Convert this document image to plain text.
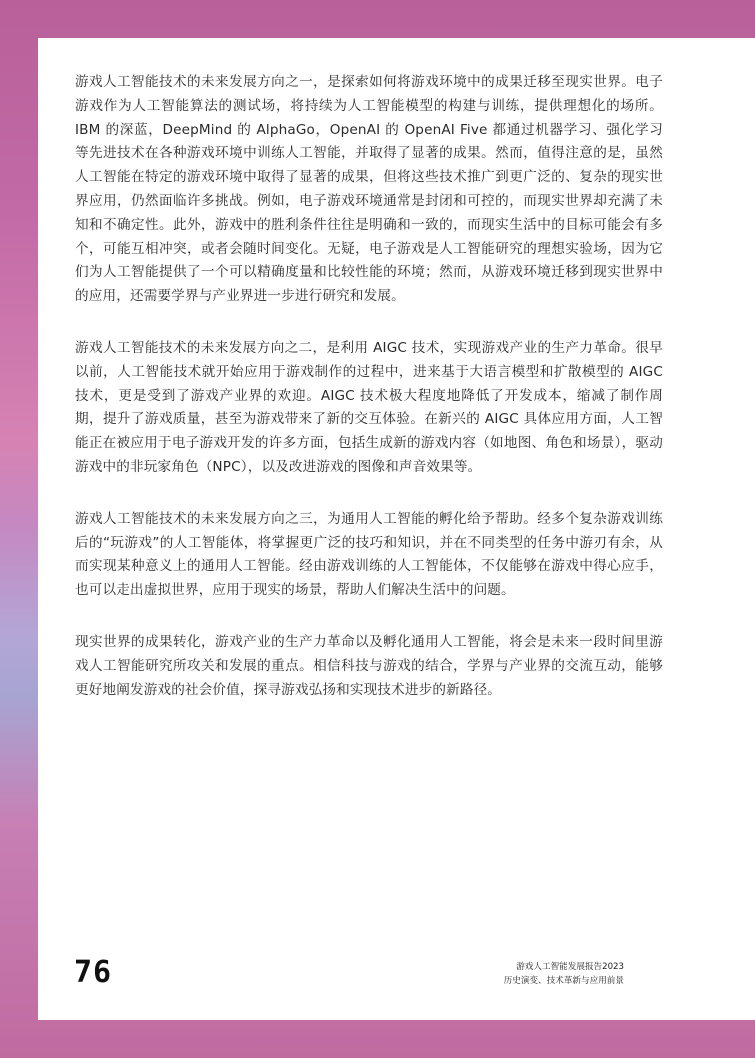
游戏人工智能技术的未来发展方向之一，是探索如何将游戏环境中的成果迁移至现实世界。电子游戏作为人工智能算法的测试场，将持续为人工智能模型的构建与训练，提供理想化的场所。IBM 的深蓝，DeepMind 的 AlphaGo，OpenAI 的 OpenAI Five 都通过机器学习、强化学习等先进技术在各种游戏环境中训练人工智能，并取得了显著的成果。然而，值得注意的是，虽然人工智能在特定的游戏环境中取得了显著的成果，但将这些技术推广到更广泛的、复杂的现实世界应用，仍然面临许多挑战。例如，电子游戏环境通常是封闭和可控的，而现实世界却充满了未知和不确定性。此外，游戏中的胜利条件往往是明确和一致的，而现实生活中的目标可能会有多个，可能互相冲突，或者会随时间变化。无疑，电子游戏是人工智能研究的理想实验场，因为它们为人工智能提供了一个可以精确度量和比较性能的环境；然而，从游戏环境迁移到现实世界中的应用，还需要学界与产业界进一步进行研究和发展。

游戏人工智能技术的未来发展方向之二，是利用 AIGC 技术，实现游戏产业的生产力革命。很早以前，人工智能技术就开始应用于游戏制作的过程中，进来基于大语言模型和扩散模型的 AIGC 技术，更是受到了游戏产业界的欢迎。AIGC 技术极大程度地降低了开发成本，缩减了制作周期，提升了游戏质量，甚至为游戏带来了新的交互体验。在新兴的 AIGC 具体应用方面，人工智能正在被应用于电子游戏开发的许多方面，包括生成新的游戏内容（如地图、角色和场景），驱动游戏中的非玩家角色（NPC），以及改进游戏的图像和声音效果等。

游戏人工智能技术的未来发展方向之三，为通用人工智能的孵化给予帮助。经多个复杂游戏训练后的“玩游戏”的人工智能体，将掌握更广泛的技巧和知识，并在不同类型的任务中游刃有余，从而实现某种意义上的通用人工智能。经由游戏训练的人工智能体，不仅能够在游戏中得心应手，也可以走出虚拟世界，应用于现实的场景，帮助人们解决生活中的问题。

现实世界的成果转化，游戏产业的生产力革命以及孵化通用人工智能，将会是未来一段时间里游戏人工智能研究所攻关和发展的重点。相信科技与游戏的结合，学界与产业界的交流互动，能够更好地阐发游戏的社会价值，探寻游戏弘扬和实现技术进步的新路径。

76	游戏人工智能发展报告2023
历史演变、技术革新与应用前景
